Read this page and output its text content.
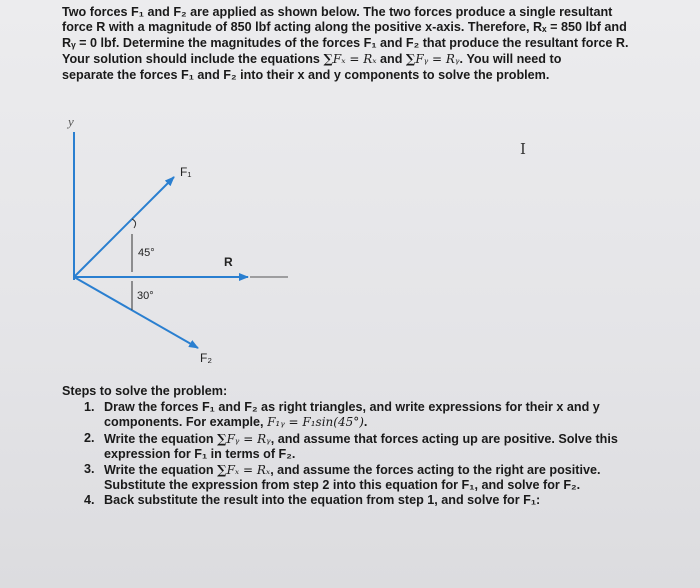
Two forces F₁ and F₂ are applied as shown below. The two forces produce a single resultant

force R with a magnitude of 850 lbf acting along the positive x-axis. Therefore, Rₓ = 850 lbf and

Rᵧ = 0 lbf. Determine the magnitudes of the forces F₁ and F₂ that produce the resultant force R.

Your solution should include the equations ∑Fₓ = Rₓ and ∑Fᵧ = Rᵧ. You will need to

separate the forces F₁ and F₂ into their x and y components to solve the problem.

y
F₁
R
F₂
45°
30°
I

Steps to solve the problem:

1. Draw the forces F₁ and F₂ as right triangles, and write expressions for their x and y
components. For example, F₁ᵧ = F₁sin(45°).
2. Write the equation ∑Fᵧ = Rᵧ, and assume that forces acting up are positive. Solve this
expression for F₁ in terms of F₂.
3. Write the equation ∑Fₓ = Rₓ, and assume the forces acting to the right are positive.
Substitute the expression from step 2 into this equation for F₁, and solve for F₂.
4. Back substitute the result into the equation from step 1, and solve for F₁:
